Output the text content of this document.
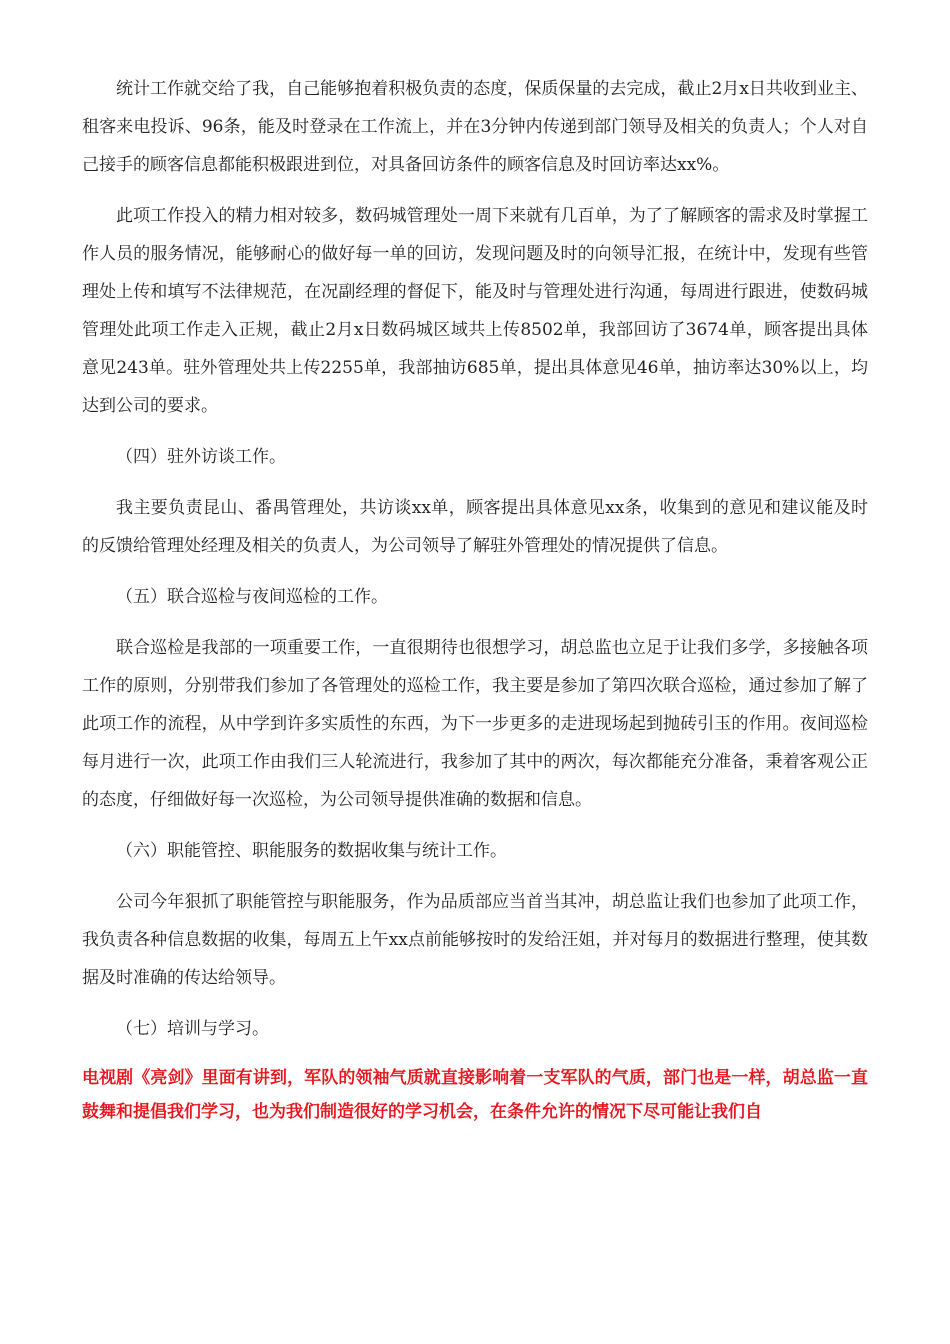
统计工作就交给了我，自己能够抱着积极负责的态度，保质保量的去完成，截止2月x日共收到业主、租客来电投诉、96条，能及时登录在工作流上，并在3分钟内传递到部门领导及相关的负责人；个人对自己接手的顾客信息都能积极跟进到位，对具备回访条件的顾客信息及时回访率达xx%。

此项工作投入的精力相对较多，数码城管理处一周下来就有几百单，为了了解顾客的需求及时掌握工作人员的服务情况，能够耐心的做好每一单的回访，发现问题及时的向领导汇报，在统计中，发现有些管理处上传和填写不法律规范，在况副经理的督促下，能及时与管理处进行沟通，每周进行跟进，使数码城管理处此项工作走入正规，截止2月x日数码城区域共上传8502单，我部回访了3674单，顾客提出具体意见243单。驻外管理处共上传2255单，我部抽访685单，提出具体意见46单，抽访率达30%以上，均达到公司的要求。

（四）驻外访谈工作。

我主要负责昆山、番禺管理处，共访谈xx单，顾客提出具体意见xx条，收集到的意见和建议能及时的反馈给管理处经理及相关的负责人，为公司领导了解驻外管理处的情况提供了信息。

（五）联合巡检与夜间巡检的工作。

联合巡检是我部的一项重要工作，一直很期待也很想学习，胡总监也立足于让我们多学，多接触各项工作的原则，分别带我们参加了各管理处的巡检工作，我主要是参加了第四次联合巡检，通过参加了解了此项工作的流程，从中学到许多实质性的东西，为下一步更多的走进现场起到抛砖引玉的作用。夜间巡检每月进行一次，此项工作由我们三人轮流进行，我参加了其中的两次，每次都能充分准备，秉着客观公正的态度，仔细做好每一次巡检，为公司领导提供准确的数据和信息。

（六）职能管控、职能服务的数据收集与统计工作。

公司今年狠抓了职能管控与职能服务，作为品质部应当首当其冲，胡总监让我们也参加了此项工作，我负责各种信息数据的收集，每周五上午xx点前能够按时的发给汪姐，并对每月的数据进行整理，使其数据及时准确的传达给领导。

（七）培训与学习。

电视剧《亮剑》里面有讲到，军队的领袖气质就直接影响着一支军队的气质，部门也是一样，胡总监一直鼓舞和提倡我们学习，也为我们制造很好的学习机会，在条件允许的情况下尽可能让我们自
